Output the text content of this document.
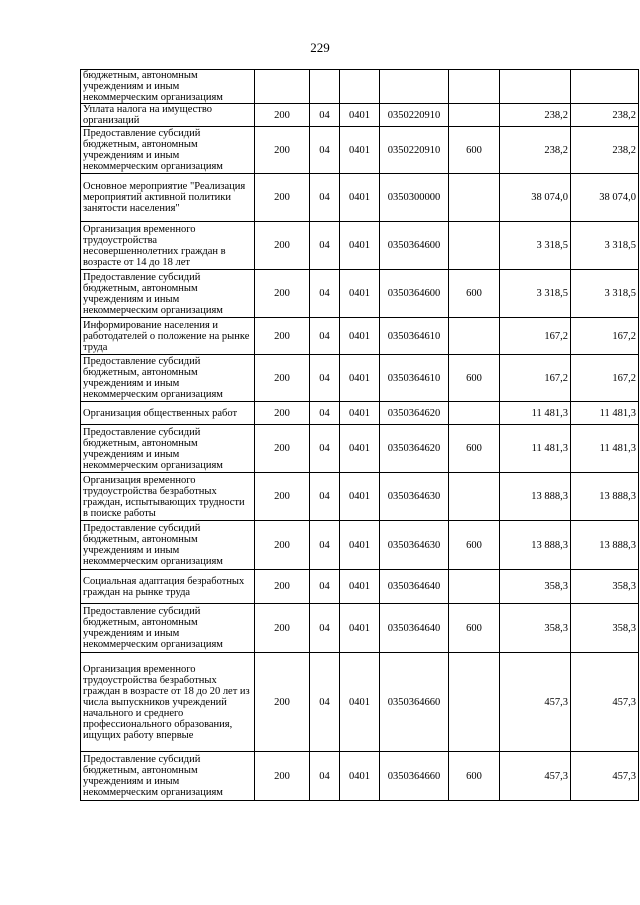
229
бюджетным, автономным учреждениям и иным некоммерческим организациям							
Уплата налога на имущество организаций	200	04	0401	0350220910		238,2	238,2
Предоставление субсидий бюджетным, автономным учреждениям и иным некоммерческим организациям	200	04	0401	0350220910	600	238,2	238,2
Основное мероприятие "Реализация мероприятий активной политики занятости населения"	200	04	0401	0350300000		38 074,0	38 074,0
Организация временного трудоустройства несовершеннолетних граждан в возрасте от 14 до 18 лет	200	04	0401	0350364600		3 318,5	3 318,5
Предоставление субсидий бюджетным, автономным учреждениям и иным некоммерческим организациям	200	04	0401	0350364600	600	3 318,5	3 318,5
Информирование населения и работодателей о положение на рынке труда	200	04	0401	0350364610		167,2	167,2
Предоставление субсидий бюджетным, автономным учреждениям и иным некоммерческим организациям	200	04	0401	0350364610	600	167,2	167,2
Организация общественных работ	200	04	0401	0350364620		11 481,3	11 481,3
Предоставление субсидий бюджетным, автономным учреждениям и иным некоммерческим организациям	200	04	0401	0350364620	600	11 481,3	11 481,3
Организация временного трудоустройства безработных граждан, испытывающих трудности в поиске работы	200	04	0401	0350364630		13 888,3	13 888,3
Предоставление субсидий бюджетным, автономным учреждениям и иным некоммерческим организациям	200	04	0401	0350364630	600	13 888,3	13 888,3
Социальная адаптация безработных граждан на рынке труда	200	04	0401	0350364640		358,3	358,3
Предоставление субсидий бюджетным, автономным учреждениям и иным некоммерческим организациям	200	04	0401	0350364640	600	358,3	358,3
Организация временного трудоустройства безработных граждан в возрасте от 18 до 20 лет из числа выпускников учреждений начального и среднего профессионального образования, ищущих работу впервые	200	04	0401	0350364660		457,3	457,3
Предоставление субсидий бюджетным, автономным учреждениям и иным некоммерческим организациям	200	04	0401	0350364660	600	457,3	457,3
